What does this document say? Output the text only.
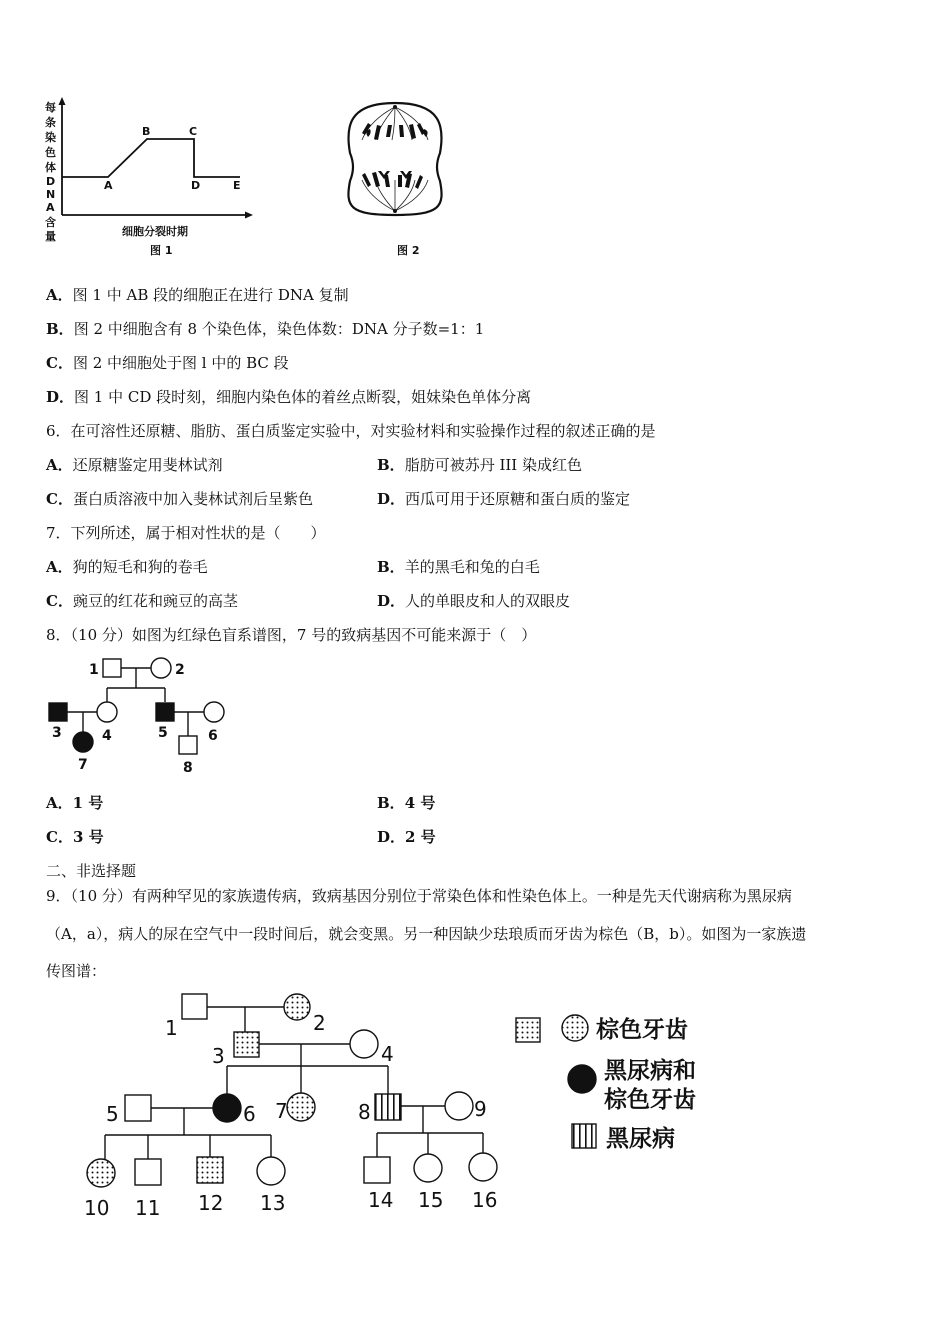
每
条
染
色
体
D
N
A
含
量
A
B	C
D	E
细胞分裂时期
图 1	图 2
A．图 1 中 AB 段的细胞正在进行 DNA 复制
B．图 2 中细胞含有 8 个染色体，染色体数：DNA 分子数=1：1
C．图 2 中细胞处于图 l 中的 BC 段
D．图 1 中 CD 段时刻，细胞内染色体的着丝点断裂，姐妹染色单体分离
6．在可溶性还原糖、脂肪、蛋白质鉴定实验中，对实验材料和实验操作过程的叙述正确的是
A．还原糖鉴定用斐林试剂	B．脂肪可被苏丹 III 染成红色
C．蛋白质溶液中加入斐林试剂后呈紫色	D．西瓜可用于还原糖和蛋白质的鉴定
7．下列所述，属于相对性状的是（　　）
A．狗的短毛和狗的卷毛	B．羊的黑毛和兔的白毛
C．豌豆的红花和豌豆的高茎	D．人的单眼皮和人的双眼皮
8．（10 分）如图为红绿色盲系谱图，7 号的致病基因不可能来源于（　）
1	2
3	4	5	6
7	8
A．1 号	B．4 号
C．3 号	D．2 号
二、非选择题
9．（10 分）有两种罕见的家族遗传病，致病基因分别位于常染色体和性染色体上。一种是先天代谢病称为黑尿病
（A，a），病人的尿在空气中一段时间后，就会变黑。另一种因缺少珐琅质而牙齿为棕色（B，b）。如图为一家族遗
传图谱：
1	2
3	4
5	6 7	8	9
10 11 12 13	14 15 16
棕色牙齿
黑尿病和
棕色牙齿
黑尿病
